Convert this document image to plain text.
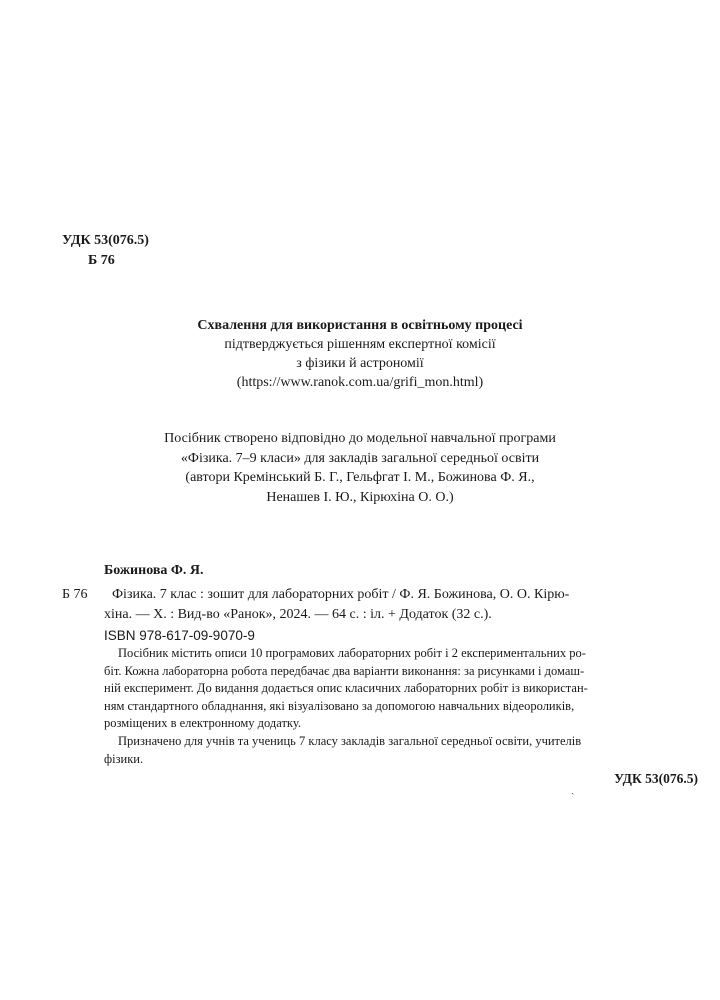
УДК 53(076.5)
Б 76
Схвалення для використання в освітньому процесі
підтверджується рішенням експертної комісії
з фізики й астрономії
(https://www.ranok.com.ua/grifi_mon.html)
Посібник створено відповідно до модельної навчальної програми
«Фізика. 7–9 класи» для закладів загальної середньої освіти
(автори Кремінський Б. Г., Гельфгат І. М., Божинова Ф. Я.,
Ненашев І. Ю., Кірюхіна О. О.)
Божинова Ф. Я.
Б 76	Фізика. 7 клас : зошит для лабораторних робіт / Ф. Я. Божинова, О. О. Кірю-
хіна. — Х. : Вид-во «Ранок», 2024. — 64 с. : іл. + Додаток (32 с.).
ISBN 978-617-09-9070-9

Посібник містить описи 10 програмових лабораторних робіт і 2 експериментальних ро-
біт. Кожна лабораторна робота передбачає два варіанти виконання: за рисунками і домаш-
ній експеримент. До видання додається опис класичних лабораторних робіт із використан-
ням стандартного обладнання, які візуалізовано за допомогою навчальних відеороликів,
розміщених в електронному додатку.

Призначено для учнів та учениць 7 класу закладів загальної середньої освіти, учителів
фізики.

УДК 53(076.5)
ˏ
